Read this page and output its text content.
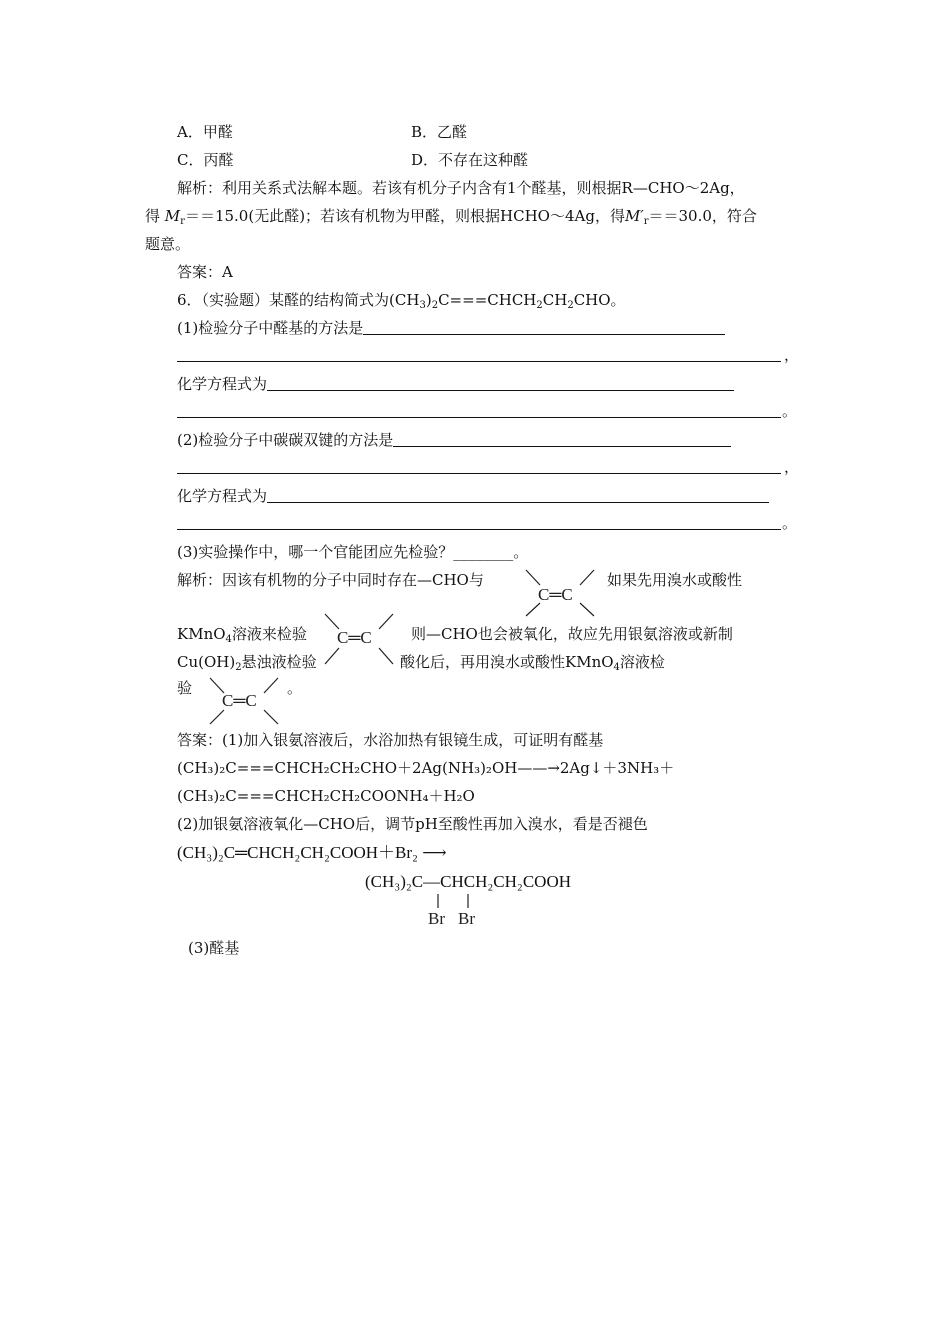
A．甲醛	B．乙醛
C．丙醛	D．不存在这种醛
解析：利用关系式法解本题。若该有机分子内含有1个醛基，则根据R—CHO～2Ag，
得 $M_r==15.0$(无此醛)；若该有机物为甲醛，则根据HCHO～4Ag，得$M'_r==30.0$，符合
题意。
答案：A
6．（实验题）某醛的结构简式为$(CH_3)_2C===CHCH_2CH_2CHO$。
(1)检验分子中醛基的方法是
，
化学方程式为
。
(2)检验分子中碳碳双键的方法是
，
化学方程式为
。
(3)实验操作中，哪一个官能团应先检验？________。
解析：因该有机物的分子中同时存在—CHO与
C═C
如果先用溴水或酸性
KMnO$_4$溶液来检验 C═C	则—CHO也会被氧化，故应先用银氨溶液或新制
$Cu(OH)_2$悬浊液检验	酸化后，再用溴水或酸性KMnO$_4$溶液检
验
C═C
。
答案：(1)加入银氨溶液后，水浴加热有银镜生成，可证明有醛基
(CH₃)₂C===CHCH₂CH₂CHO＋2Ag(NH₃)₂OH——→2Ag↓＋3NH₃＋
(CH₃)₂C===CHCH₂CH₂COONH₄＋H₂O
(2)加银氨溶液氧化—CHO后，调节pH至酸性再加入溴水，看是否褪色
(CH₃)₂C═CHCH₂CH₂COOH＋Br₂ ⟶
(CH₃)₂C—CHCH₂CH₂COOH
Br Br
(3)醛基
